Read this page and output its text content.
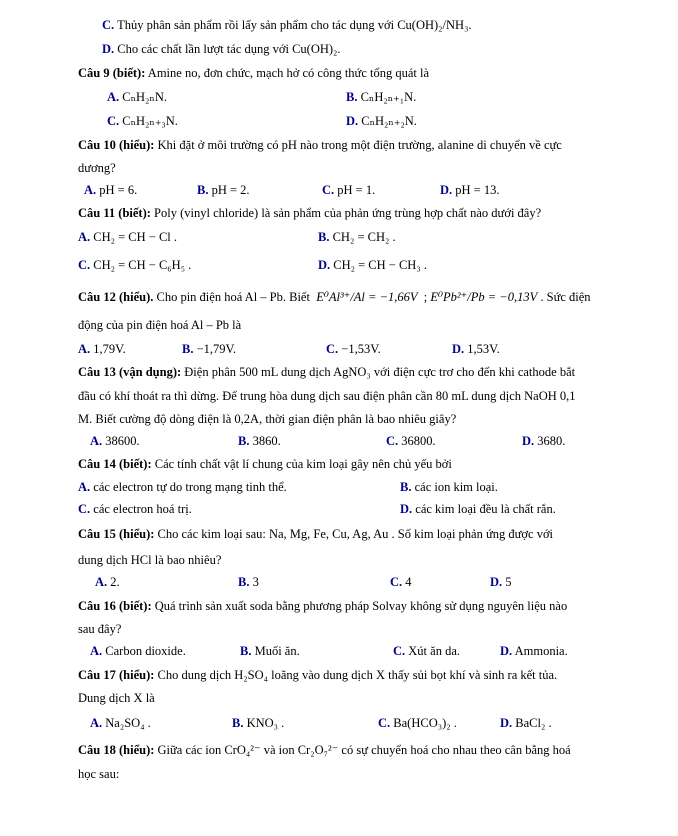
C. Thủy phân sản phẩm rồi lấy sản phẩm cho tác dụng với Cu(OH)₂/NH₃.
D. Cho các chất lần lượt tác dụng với Cu(OH)₂.
Câu 9 (biết): Amine no, đơn chức, mạch hở có công thức tổng quát là
A. CₙH₂ₙN.	B. CₙH₂ₙ₊₁N.
C. CₙH₂ₙ₊₃N.	D. CₙH₂ₙ₊₂N.
Câu 10 (hiểu): Khi đặt ở môi trường có pH nào trong một điện trường, alanine di chuyển về cực
dương?
A. pH = 6.	B. pH = 2.	C. pH = 1.	D. pH = 13.
Câu 11 (biết): Poly (vinyl chloride) là sản phẩm của phản ứng trùng hợp chất nào dưới đây?
A. CH₂ = CH − Cl .	B. CH₂ = CH₂ .
C. CH₂ = CH − C₆H₅ .	D. CH₂ = CH − CH₃ .
Câu 12 (hiểu). Cho pin điện hoá Al – Pb. Biết E⁰Al³⁺/Al = −1,66V ; E⁰Pb²⁺/Pb = −0,13V . Sức điện
động của pin điện hoá Al – Pb là
A. 1,79V.	B. −1,79V.	C. −1,53V.	D. 1,53V.
Câu 13 (vận dụng): Điện phân 500 mL dung dịch AgNO₃ với điện cực trơ cho đến khi cathode bắt
đầu có khí thoát ra thì dừng. Để trung hòa dung dịch sau điện phân cần 80 mL dung dịch NaOH 0,1
M. Biết cường độ dòng điện là 0,2A, thời gian điện phân là bao nhiêu giây?
A. 38600.	B. 3860.	C. 36800.	D. 3680.
Câu 14 (biết): Các tính chất vật lí chung của kim loại gây nên chủ yếu bởi
A. các electron tự do trong mạng tinh thể.	B. các ion kim loại.
C. các electron hoá trị.	D. các kim loại đều là chất rắn.
Câu 15 (hiểu): Cho các kim loại sau: Na, Mg, Fe, Cu, Ag, Au . Số kim loại phản ứng được với
dung dịch HCl là bao nhiêu?
A. 2.	B. 3	C. 4	D. 5
Câu 16 (biết): Quá trình sản xuất soda bằng phương pháp Solvay không sử dụng nguyên liệu nào
sau đây?
A. Carbon dioxide.	B. Muối ăn.	C. Xút ăn da.	D. Ammonia.
Câu 17 (hiểu): Cho dung dịch H₂SO₄ loãng vào dung dịch X thấy sủi bọt khí và sinh ra kết tủa.
Dung dịch X là
A. Na₂SO₄ .	B. KNO₃ .	C. Ba(HCO₃)₂ .	D. BaCl₂ .
Câu 18 (hiểu): Giữa các ion CrO₄²⁻ và ion Cr₂O₇²⁻ có sự chuyển hoá cho nhau theo cân bằng hoá
học sau:
